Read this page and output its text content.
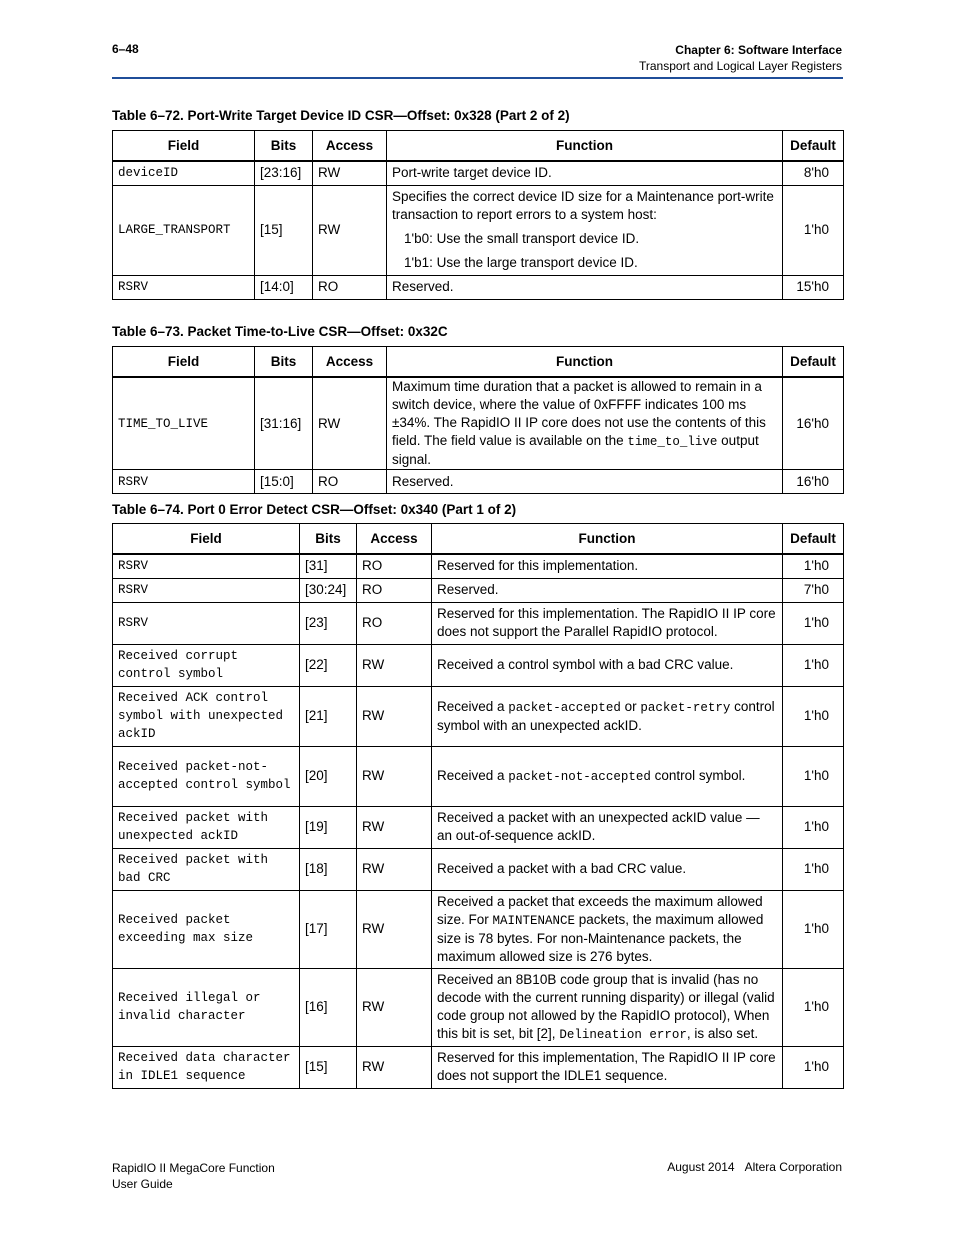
6–48	Chapter 6: Software Interface
Transport and Logical Layer Registers
Table 6–72. Port-Write Target Device ID CSR—Offset: 0x328 (Part 2 of 2)
Field	Bits	Access	Function	Default
deviceID	[23:16]	RW	Port-write target device ID.	8'h0
LARGE_TRANSPORT	[15]	RW	Specifies the correct device ID size for a Maintenance port-write transaction to report errors to a system host:
1'b0: Use the small transport device ID.
1'b1: Use the large transport device ID.	1'h0
RSRV	[14:0]	RO	Reserved.	15'h0
Table 6–73. Packet Time-to-Live CSR—Offset: 0x32C
Field	Bits	Access	Function	Default
TIME_TO_LIVE	[31:16]	RW	Maximum time duration that a packet is allowed to remain in a switch device, where the value of 0xFFFF indicates 100 ms ±34%. The RapidIO II IP core does not use the contents of this field. The field value is available on the time_to_live output signal.	16'h0
RSRV	[15:0]	RO	Reserved.	16'h0
Table 6–74. Port 0 Error Detect CSR—Offset: 0x340 (Part 1 of 2)
Field	Bits	Access	Function	Default
RSRV	[31]	RO	Reserved for this implementation.	1'h0
RSRV	[30:24]	RO	Reserved.	7'h0
RSRV	[23]	RO	Reserved for this implementation. The RapidIO II IP core does not support the Parallel RapidIO protocol.	1'h0
Received corrupt control symbol	[22]	RW	Received a control symbol with a bad CRC value.	1'h0
Received ACK control symbol with unexpected ackID	[21]	RW	Received a packet-accepted or packet-retry control symbol with an unexpected ackID.	1'h0
Received packet-not-accepted control symbol	[20]	RW	Received a packet-not-accepted control symbol.	1'h0
Received packet with unexpected ackID	[19]	RW	Received a packet with an unexpected ackID value — an out-of-sequence ackID.	1'h0
Received packet with bad CRC	[18]	RW	Received a packet with a bad CRC value.	1'h0
Received packet exceeding max size	[17]	RW	Received a packet that exceeds the maximum allowed size. For MAINTENANCE packets, the maximum allowed size is 78 bytes. For non-Maintenance packets, the maximum allowed size is 276 bytes.	1'h0
Received illegal or invalid character	[16]	RW	Received an 8B10B code group that is invalid (has no decode with the current running disparity) or illegal (valid code group not allowed by the RapidIO protocol), When this bit is set, bit [2], Delineation error, is also set.	1'h0
Received data character in IDLE1 sequence	[15]	RW	Reserved for this implementation, The RapidIO II IP core does not support the IDLE1 sequence.	1'h0
RapidIO II MegaCore Function
User Guide
August 2014 Altera Corporation
